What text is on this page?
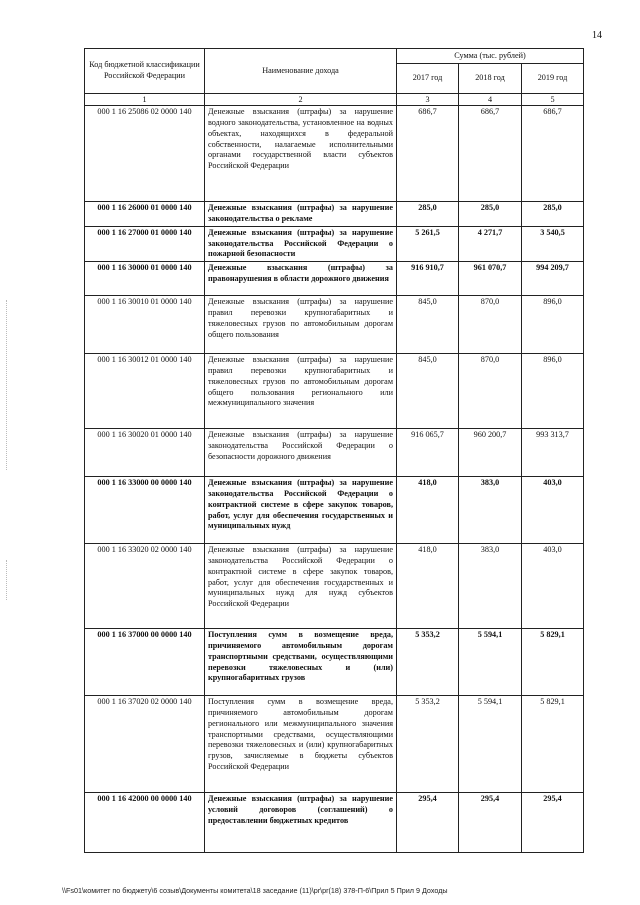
14
Код бюджетной классификации Российской Федерации	Наименование дохода	Сумма (тыс. рублей)		
		2017 год	2018 год	2019 год
1	2	3	4	5
000 1 16 25086 02 0000 140	Денежные взыскания (штрафы) за нарушение водного законодательства, установленное на водных объектах, находящихся в федеральной собственности, налагаемые исполнительными органами государственной власти субъектов Российской Федерации	686,7	686,7	686,7
000 1 16 26000 01 0000 140	Денежные взыскания (штрафы) за нарушение законодательства о рекламе	285,0	285,0	285,0
000 1 16 27000 01 0000 140	Денежные взыскания (штрафы) за нарушение законодательства Российской Федерации о пожарной безопасности	5 261,5	4 271,7	3 540,5
000 1 16 30000 01 0000 140	Денежные взыскания (штрафы) за правонарушения в области дорожного движения	916 910,7	961 070,7	994 209,7
000 1 16 30010 01 0000 140	Денежные взыскания (штрафы) за нарушение правил перевозки крупногабаритных и тяжеловесных грузов по автомобильным дорогам общего пользования	845,0	870,0	896,0
000 1 16 30012 01 0000 140	Денежные взыскания (штрафы) за нарушение правил перевозки крупногабаритных и тяжеловесных грузов по автомобильным дорогам общего пользования регионального или межмуниципального значения	845,0	870,0	896,0
000 1 16 30020 01 0000 140	Денежные взыскания (штрафы) за нарушение законодательства Российской Федерации о безопасности дорожного движения	916 065,7	960 200,7	993 313,7
000 1 16 33000 00 0000 140	Денежные взыскания (штрафы) за нарушение законодательства Российской Федерации о контрактной системе в сфере закупок товаров, работ, услуг для обеспечения государственных и муниципальных нужд	418,0	383,0	403,0
000 1 16 33020 02 0000 140	Денежные взыскания (штрафы) за нарушение законодательства Российской Федерации о контрактной системе в сфере закупок товаров, работ, услуг для обеспечения государственных и муниципальных нужд для нужд субъектов Российской Федерации	418,0	383,0	403,0
000 1 16 37000 00 0000 140	Поступления сумм в возмещение вреда, причиняемого автомобильным дорогам транспортными средствами, осуществляющими перевозки тяжеловесных и (или) крупногабаритных грузов	5 353,2	5 594,1	5 829,1
000 1 16 37020 02 0000 140	Поступления сумм в возмещение вреда, причиняемого автомобильным дорогам регионального или межмуниципального значения транспортными средствами, осуществляющими перевозки тяжеловесных и (или) крупногабаритных грузов, зачисляемые в бюджеты субъектов Российской Федерации	5 353,2	5 594,1	5 829,1
000 1 16 42000 00 0000 140	Денежные взыскания (штрафы) за нарушение условий договоров (соглашений) о предоставлении бюджетных кредитов	295,4	295,4	295,4
\\Fs01\комитет по бюджету\6 созыв\Документы комитета\18 заседание (11)\pr\pr(18) 378-П-6\Прил 5 Прил 9 Доходы
